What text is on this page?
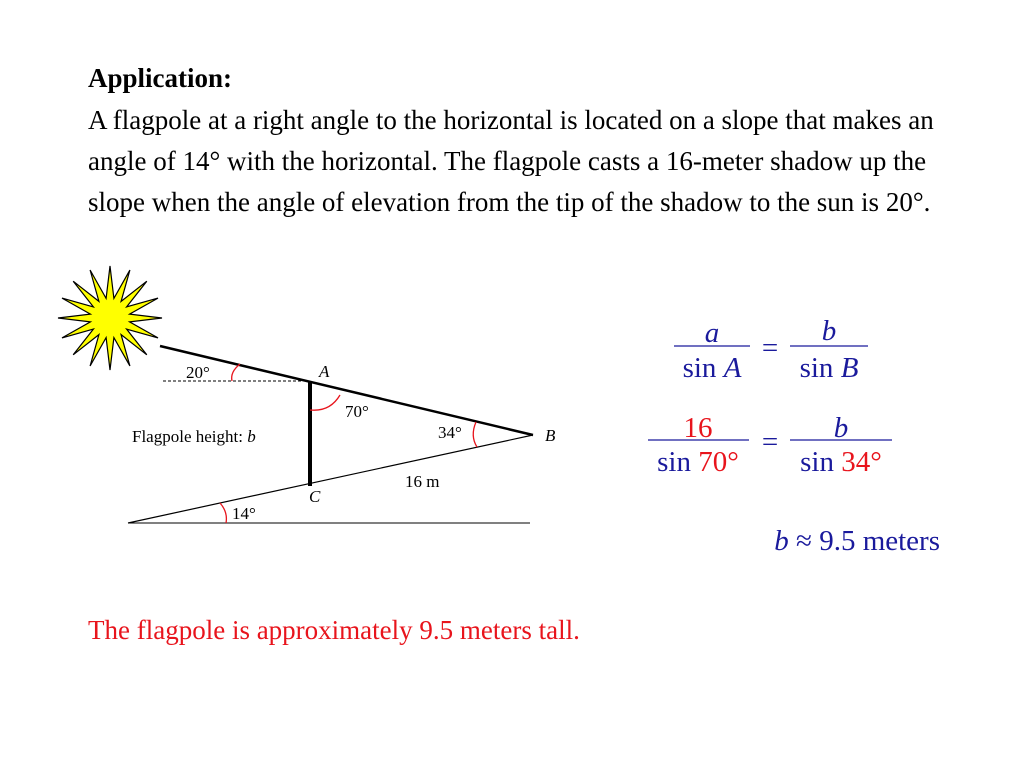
Application:

A flagpole at a right angle to the horizontal is located on a slope that makes an angle of 14° with the horizontal. The flagpole casts a 16-meter shadow up the slope when the angle of elevation from the tip of the shadow to the sun is 20°.

20°	A
70°
34°	B
Flagpole height: b
16 m
C
14°
a
sin A
=
b
sin B
16
sin 70°
= b
sin 34°
b ≈ 9.5 meters
The flagpole is approximately 9.5 meters tall.
